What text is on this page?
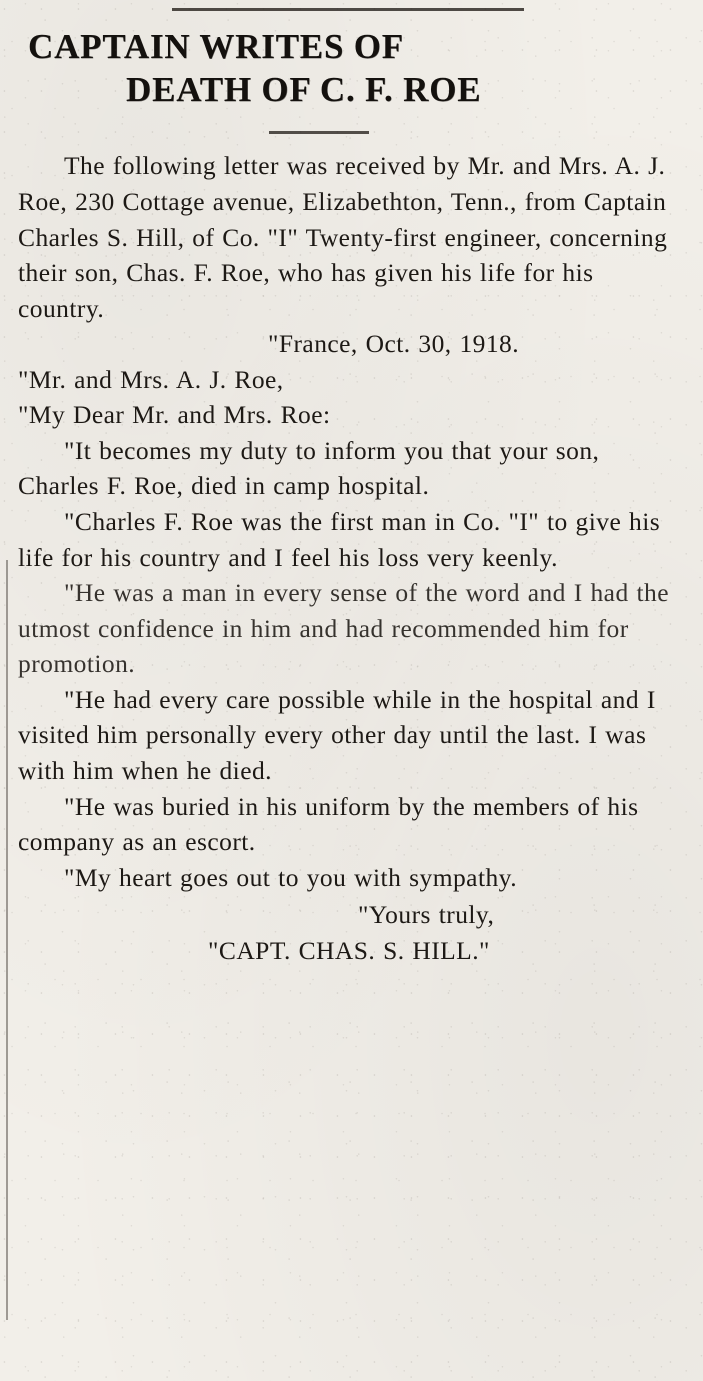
CAPTAIN WRITES OF
DEATH OF C. F. ROE

The following letter was received by Mr. and Mrs. A. J. Roe, 230 Cottage avenue, Elizabethton, Tenn., from Captain Charles S. Hill, of Co. "I" Twenty-first engineer, concerning their son, Chas. F. Roe, who has given his life for his country.

"France, Oct. 30, 1918.

"Mr. and Mrs. A. J. Roe,

"My Dear Mr. and Mrs. Roe:

"It becomes my duty to inform you that your son, Charles F. Roe, died in camp hospital.

"Charles F. Roe was the first man in Co. "I" to give his life for his country and I feel his loss very keenly.

"He was a man in every sense of the word and I had the utmost confidence in him and had recommended him for promotion.

"He had every care possible while in the hospital and I visited him personally every other day until the last. I was with him when he died.

"He was buried in his uniform by the members of his company as an escort.

"My heart goes out to you with sympathy.

"Yours truly,

"CAPT. CHAS. S. HILL."
